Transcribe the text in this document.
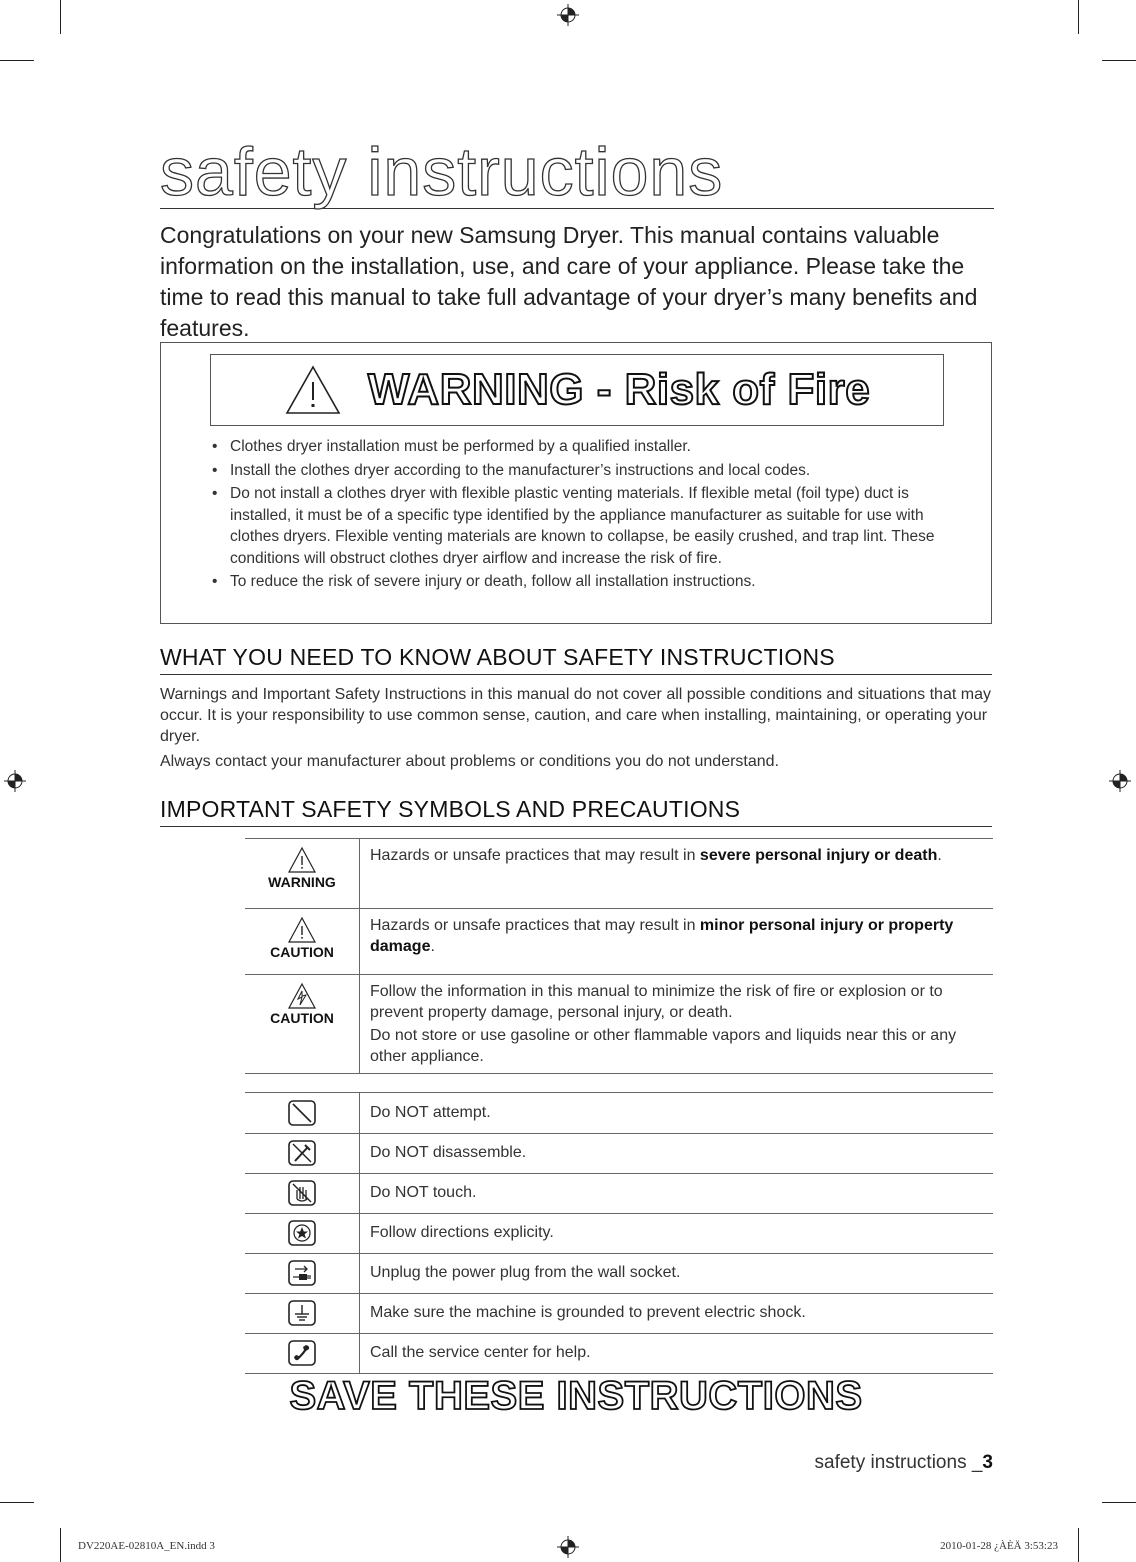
safety instructions
Congratulations on your new Samsung Dryer. This manual contains valuable information on the installation, use, and care of your appliance. Please take the time to read this manual to take full advantage of your dryer’s many benefits and features.
WARNING - Risk of Fire
• Clothes dryer installation must be performed by a qualified installer.
• Install the clothes dryer according to the manufacturer’s instructions and local codes.
• Do not install a clothes dryer with flexible plastic venting materials. If flexible metal (foil type) duct is installed, it must be of a specific type identified by the appliance manufacturer as suitable for use with clothes dryers. Flexible venting materials are known to collapse, be easily crushed, and trap lint. These conditions will obstruct clothes dryer airflow and increase the risk of fire.
• To reduce the risk of severe injury or death, follow all installation instructions.
WHAT YOU NEED TO KNOW ABOUT SAFETY INSTRUCTIONS

Warnings and Important Safety Instructions in this manual do not cover all possible conditions and situations that may occur. It is your responsibility to use common sense, caution, and care when installing, maintaining, or operating your dryer.

Always contact your manufacturer about problems or conditions you do not understand.

IMPORTANT SAFETY SYMBOLS AND PRECAUTIONS
WARNING	Hazards or unsafe practices that may result in severe personal injury or death.

CAUTION	Hazards or unsafe practices that may result in minor personal injury or property damage.

CAUTION	Follow the information in this manual to minimize the risk of fire or explosion or to prevent property damage, personal injury, or death.

Do not store or use gasoline or other flammable vapors and liquids near this or any other appliance.

	Do NOT attempt.
	Do NOT disassemble.
	Do NOT touch.
	Follow directions explicity.
	Unplug the power plug from the wall socket.
	Make sure the machine is grounded to prevent electric shock.
	Call the service center for help.
SAVE THESE INSTRUCTIONS
safety instructions _3
DV220AE-02810A_EN.indd 3	2010-01-28 ¿ÀÈÄ 3:53:23
